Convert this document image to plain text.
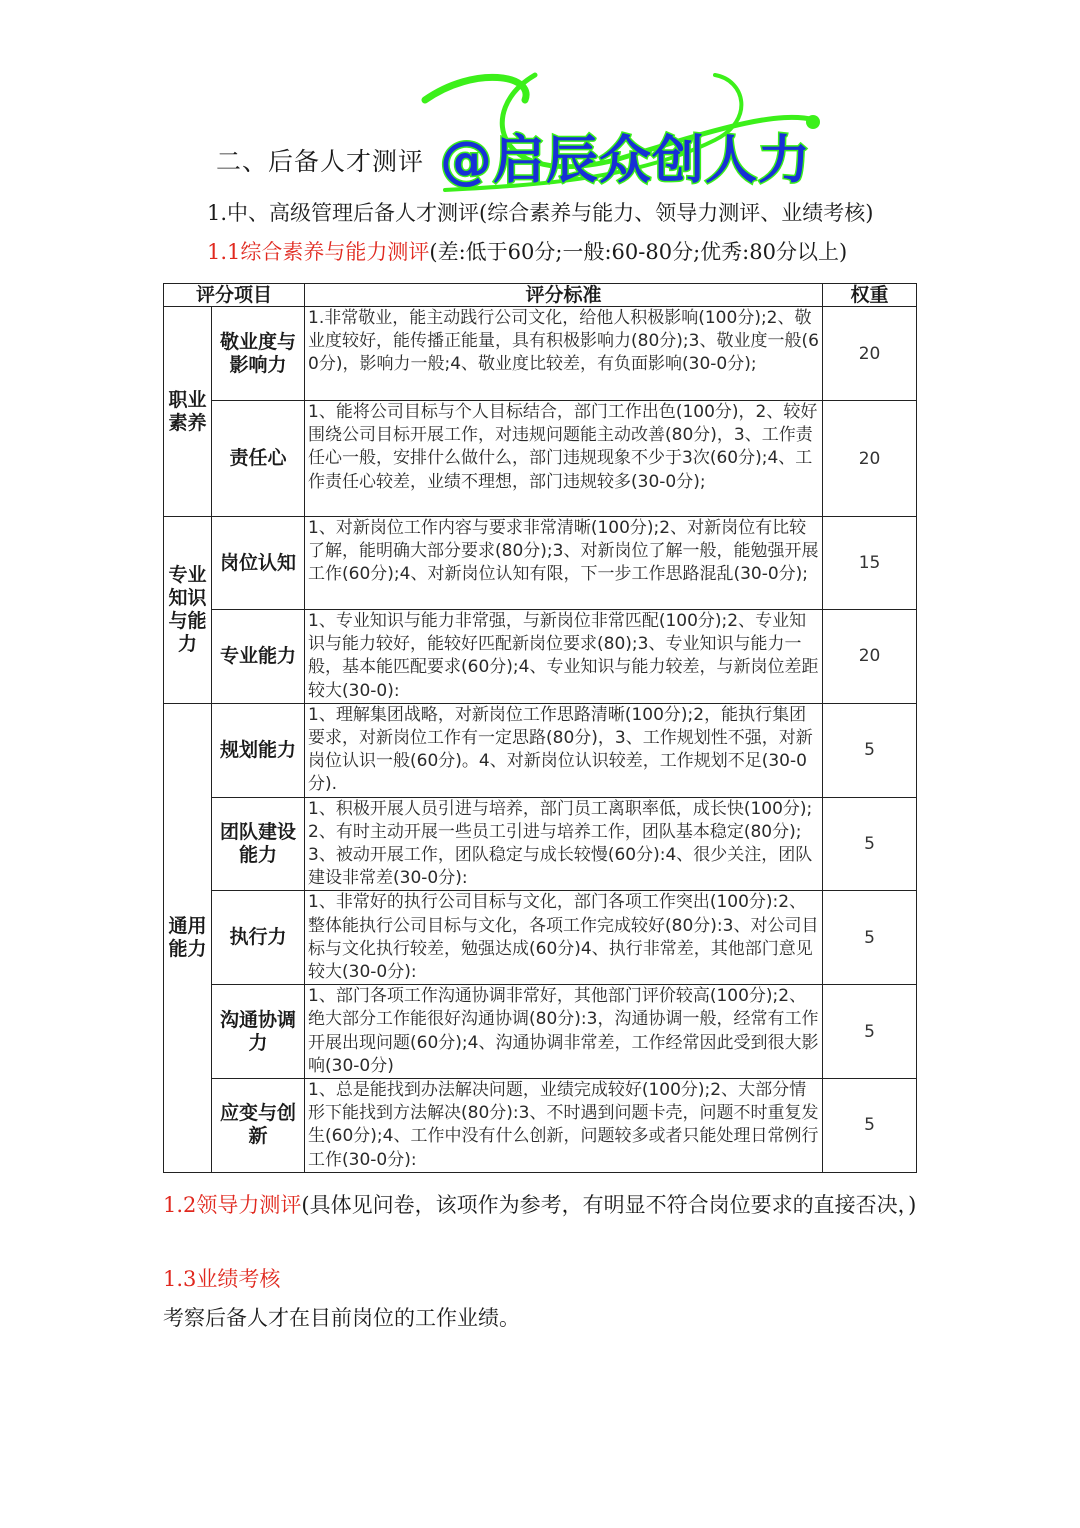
二、后备人才测评 @启辰众创人力
1.中、高级管理后备人才测评(综合素养与能力、领导力测评、业绩考核)
1.1综合素养与能力测评(差:低于60分;一般:60-80分;优秀:80分以上)
评分项目		评分标准	权重
职业素养	敬业度与影响力	1.非常敬业，能主动践行公司文化，给他人积极影响(100分);2、敬业度较好，能传播正能量，具有积极影响力(80分);3、敬业度一般(60分)，影响力一般;4、敬业度比较差，有负面影响(30-0分);	20
	责任心	1、能将公司目标与个人目标结合，部门工作出色(100分)，2、较好围绕公司目标开展工作，对违规问题能主动改善(80分)，3、工作责任心一般，安排什么做什么，部门违规现象不少于3次(60分);4、工作责任心较差，业绩不理想，部门违规较多(30-0分);	20
专业知识与能力	岗位认知	1、对新岗位工作内容与要求非常清晰(100分);2、对新岗位有比较了解，能明确大部分要求(80分);3、对新岗位了解一般，能勉强开展工作(60分);4、对新岗位认知有限，下一步工作思路混乱(30-0分);	15
	专业能力	1、专业知识与能力非常强，与新岗位非常匹配(100分);2、专业知识与能力较好，能较好匹配新岗位要求(80);3、专业知识与能力一般，基本能匹配要求(60分);4、专业知识与能力较差，与新岗位差距较大(30-0):	20
通用能力	规划能力	1、理解集团战略，对新岗位工作思路清晰(100分);2，能执行集团要求，对新岗位工作有一定思路(80分)，3、工作规划性不强，对新岗位认识一般(60分)。4、对新岗位认识较差，工作规划不足(30-0分).	5
	团队建设能力	1、积极开展人员引进与培养，部门员工离职率低，成长快(100分);2、有时主动开展一些员工引进与培养工作，团队基本稳定(80分);3、被动开展工作，团队稳定与成长较慢(60分):4、很少关注，团队建设非常差(30-0分):	5
	执行力	1、非常好的执行公司目标与文化，部门各项工作突出(100分):2、整体能执行公司目标与文化，各项工作完成较好(80分):3、对公司目标与文化执行较差，勉强达成(60分)4、执行非常差，其他部门意见较大(30-0分):	5
	沟通协调力	1、部门各项工作沟通协调非常好，其他部门评价较高(100分);2、绝大部分工作能很好沟通协调(80分):3，沟通协调一般，经常有工作开展出现问题(60分);4、沟通协调非常差，工作经常因此受到很大影响(30-0分)	5
	应变与创新	1、总是能找到办法解决问题，业绩完成较好(100分);2、大部分情形下能找到方法解决(80分):3、不时遇到问题卡壳，问题不时重复发生(60分);4、工作中没有什么创新，问题较多或者只能处理日常例行工作(30-0分):	5
1.2领导力测评(具体见问卷，该项作为参考，有明显不符合岗位要求的直接否决，)
1.3业绩考核
考察后备人才在目前岗位的工作业绩。
